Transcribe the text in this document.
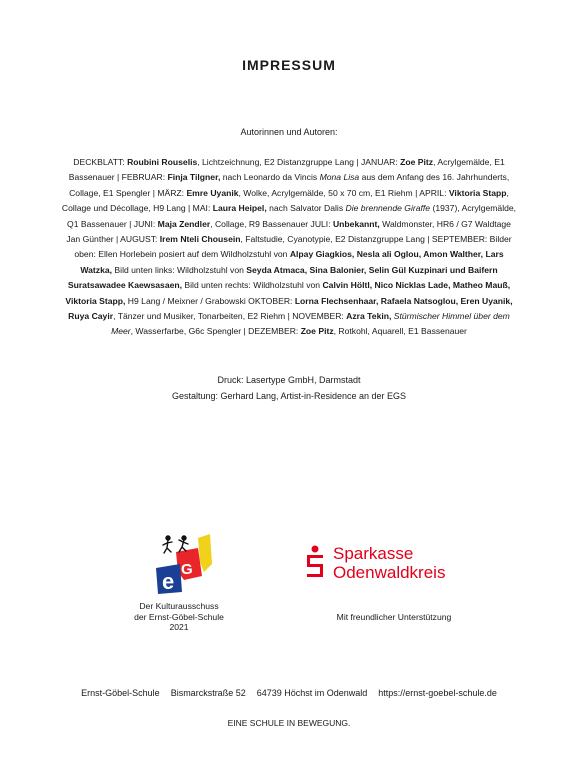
IMPRESSUM
Autorinnen und Autoren:
DECKBLATT: Roubini Rouselis, Lichtzeichnung, E2 Distanzgruppe Lang | JANUAR: Zoe Pitz, Acrylgemälde, E1 Bassenauer | FEBRUAR: Finja Tilgner, nach Leonardo da Vincis Mona Lisa aus dem Anfang des 16. Jahrhunderts, Collage, E1 Spengler | MÄRZ: Emre Uyanik, Wolke, Acrylgemälde, 50 x 70 cm, E1 Riehm | APRIL: Viktoria Stapp, Collage und Décollage, H9 Lang | MAI: Laura Heipel, nach Salvator Dalis Die brennende Giraffe (1937), Acrylgemälde, Q1 Bassenauer | JUNI: Maja Zendler, Collage, R9 Bassenauer JULI: Unbekannt, Waldmonster, HR6 / G7 Waldtage Jan Günther | AUGUST: Irem Nteli Chousein, Faltstudie, Cyanotypie, E2 Distanzgruppe Lang | SEPTEMBER: Bilder oben: Ellen Horlebein posiert auf dem Wildholzstuhl von Alpay Giagkios, Nesla ali Oglou, Amon Walther, Lars Watzka, Bild unten links: Wildholzstuhl von Seyda Atmaca, Sina Balonier, Selin Gül Kuzpinari und Baifern Suratsawadee Kaewsasaen, Bild unten rechts: Wildholzstuhl von Calvin Höltl, Nico Nicklas Lade, Matheo Mauß, Viktoria Stapp, H9 Lang / Meixner / Grabowski OKTOBER: Lorna Flechsenhaar, Rafaela Natsoglou, Eren Uyanik, Ruya Cayir, Tänzer und Musiker, Tonarbeiten, E2 Riehm | NOVEMBER: Azra Tekin, Stürmischer Himmel über dem Meer, Wasserfarbe, G6c Spengler | DEZEMBER: Zoe Pitz, Rotkohl, Aquarell, E1 Bassenauer
Druck: Lasertype GmbH, Darmstadt
Gestaltung: Gerhard Lang, Artist-in-Residence an der EGS
e G
Der Kulturausschuss
der Ernst-Göbel-Schule
2021
Sparkasse
Odenwaldkreis
Mit freundlicher Unterstützung
Ernst-Göbel-Schule Bismarckstraße 52 64739 Höchst im Odenwald https://ernst-goebel-schule.de
EINE SCHULE IN BEWEGUNG.
